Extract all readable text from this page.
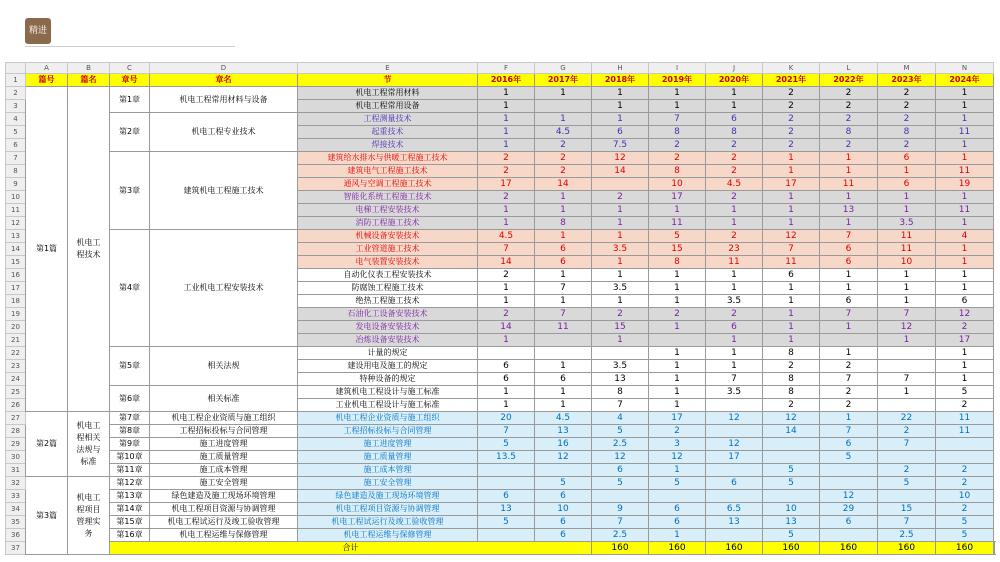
精进
	A	B	C	D	E	F	G	H	I	J	K	L	M	N	
1	篇号	篇名	章号	章名	节	2016年	2017年	2018年	2019年	2020年	2021年	2022年	2023年	2024年	
2	第1篇	机电工程技术	第1章	机电工程常用材料与设备	机电工程常用材料	1	1	1	1	1	2	2	2	1	
3					机电工程常用设备	1		1	1	1	2	2	2	1	
4			第2章	机电工程专业技术	工程测量技术	1	1	1	7	6	2	2	2	1	
5					起重技术	1	4.5	6	8	8	2	8	8	11	
6					焊接技术	1	2	7.5	2	2	2	2	2	1	
7			第3章	建筑机电工程施工技术	建筑给水排水与供暖工程施工技术	2	2	12	2	2	1	1	6	1	
8					建筑电气工程施工技术	2	2	14	8	2	1	1	1	11	
9					通风与空调工程施工技术	17	14		10	4.5	17	11	6	19	
10					智能化系统工程施工技术	2	1	2	17	2	1	1	1	1	
11					电梯工程安装技术	1	1	1	1	1	1	13	1	11	
12					消防工程施工技术	1	8	1	11	1	1	1	3.5	1	
13			第4章	工业机电工程安装技术	机械设备安装技术	4.5	1	1	5	2	12	7	11	4	
14					工业管道施工技术	7	6	3.5	15	23	7	6	11	1	
15					电气装置安装技术	14	6	1	8	11	11	6	10	1	
16					自动化仪表工程安装技术	2	1	1	1	1	6	1	1	1	
17					防腐蚀工程施工技术	1	7	3.5	1	1	1	1	1	1	
18					绝热工程施工技术	1	1	1	1	3.5	1	6	1	6	
19					石油化工设备安装技术	2	7	2	2	2	1	7	7	12	
20					发电设备安装技术	14	11	15	1	6	1	1	12	2	
21					冶炼设备安装技术	1		1		1	1		1	17	
22			第5章	相关法规	计量的规定				1	1	8	1		1	
23					建设用电及施工的规定	6	1	3.5	1	1	2	2		1	
24					特种设备的规定	6	6	13	1	7	8	7	7	1	
25			第6章	相关标准	建筑机电工程设计与施工标准	1	1	8	1	3.5	8	2	1	5	
26					工业机电工程设计与施工标准	1	1	7	1		2	2		2	
27	第2篇	机电工程相关法规与标准	第7章	机电工程企业资质与施工组织	机电工程企业资质与施工组织	20	4.5	4	17	12	12	1	22	11	
28			第8章	工程招标投标与合同管理	工程招标投标与合同管理	7	13	5	2		14	7	2	11	
29			第9章	施工进度管理	施工进度管理	5	16	2.5	3	12		6	7		
30			第10章	施工质量管理	施工质量管理	13.5	12	12	12	17		5			
31			第11章	施工成本管理	施工成本管理			6	1		5		2	2	
32	第3篇	机电工程项目管理实务	第12章	施工安全管理	施工安全管理		5	5	5	6	5		5	2	
33			第13章	绿色建造及施工现场环境管理	绿色建造及施工现场环境管理	6	6					12		10	
34			第14章	机电工程项目资源与协调管理	机电工程项目资源与协调管理	13	10	9	6	6.5	10	29	15	2	
35			第15章	机电工程试运行及竣工验收管理	机电工程试运行及竣工验收管理	5	6	7	6	13	13	6	7	5	
36			第16章	机电工程运维与保修管理	机电工程运维与保修管理		6	2.5	1		5		2.5	5	
37			合计					160	160	160	160	160	160	160		
